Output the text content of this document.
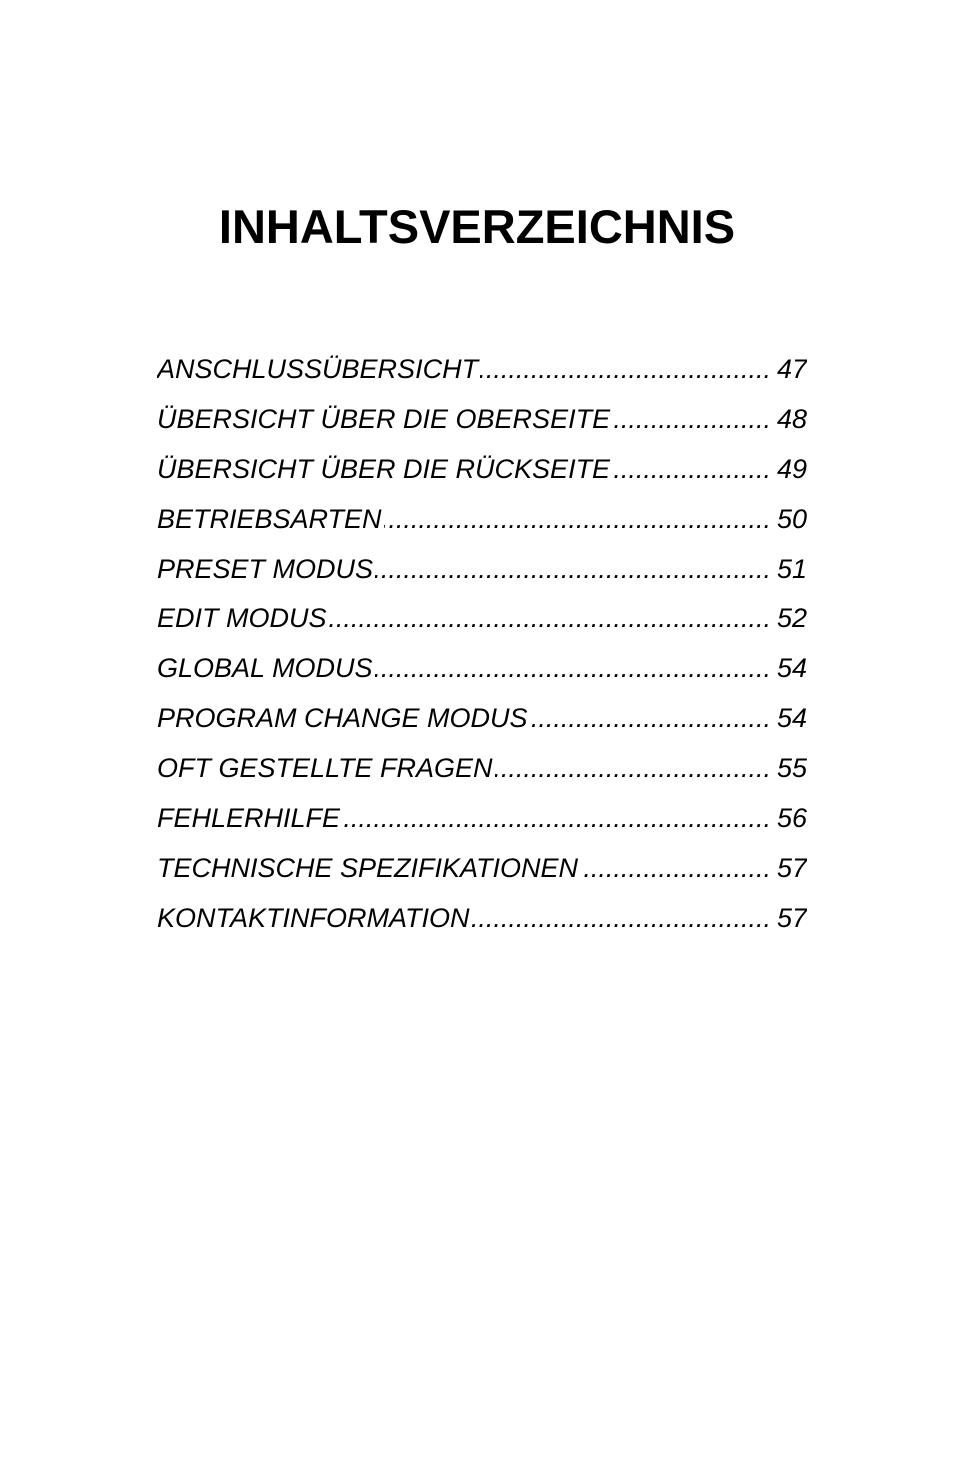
INHALTSVERZEICHNIS
ANSCHLUSSÜBERSICHT .....	47
ÜBERSICHT ÜBER DIE OBERSEITE .....	48
ÜBERSICHT ÜBER DIE RÜCKSEITE .....	49
BETRIEBSARTEN .....	50
PRESET MODUS .....	51
EDIT MODUS .....	52
GLOBAL MODUS .....	54
PROGRAM CHANGE MODUS .....	54
OFT GESTELLTE FRAGEN .....	55
FEHLERHILFE .....	56
TECHNISCHE SPEZIFIKATIONEN .....	57
KONTAKTINFORMATION .....	57
